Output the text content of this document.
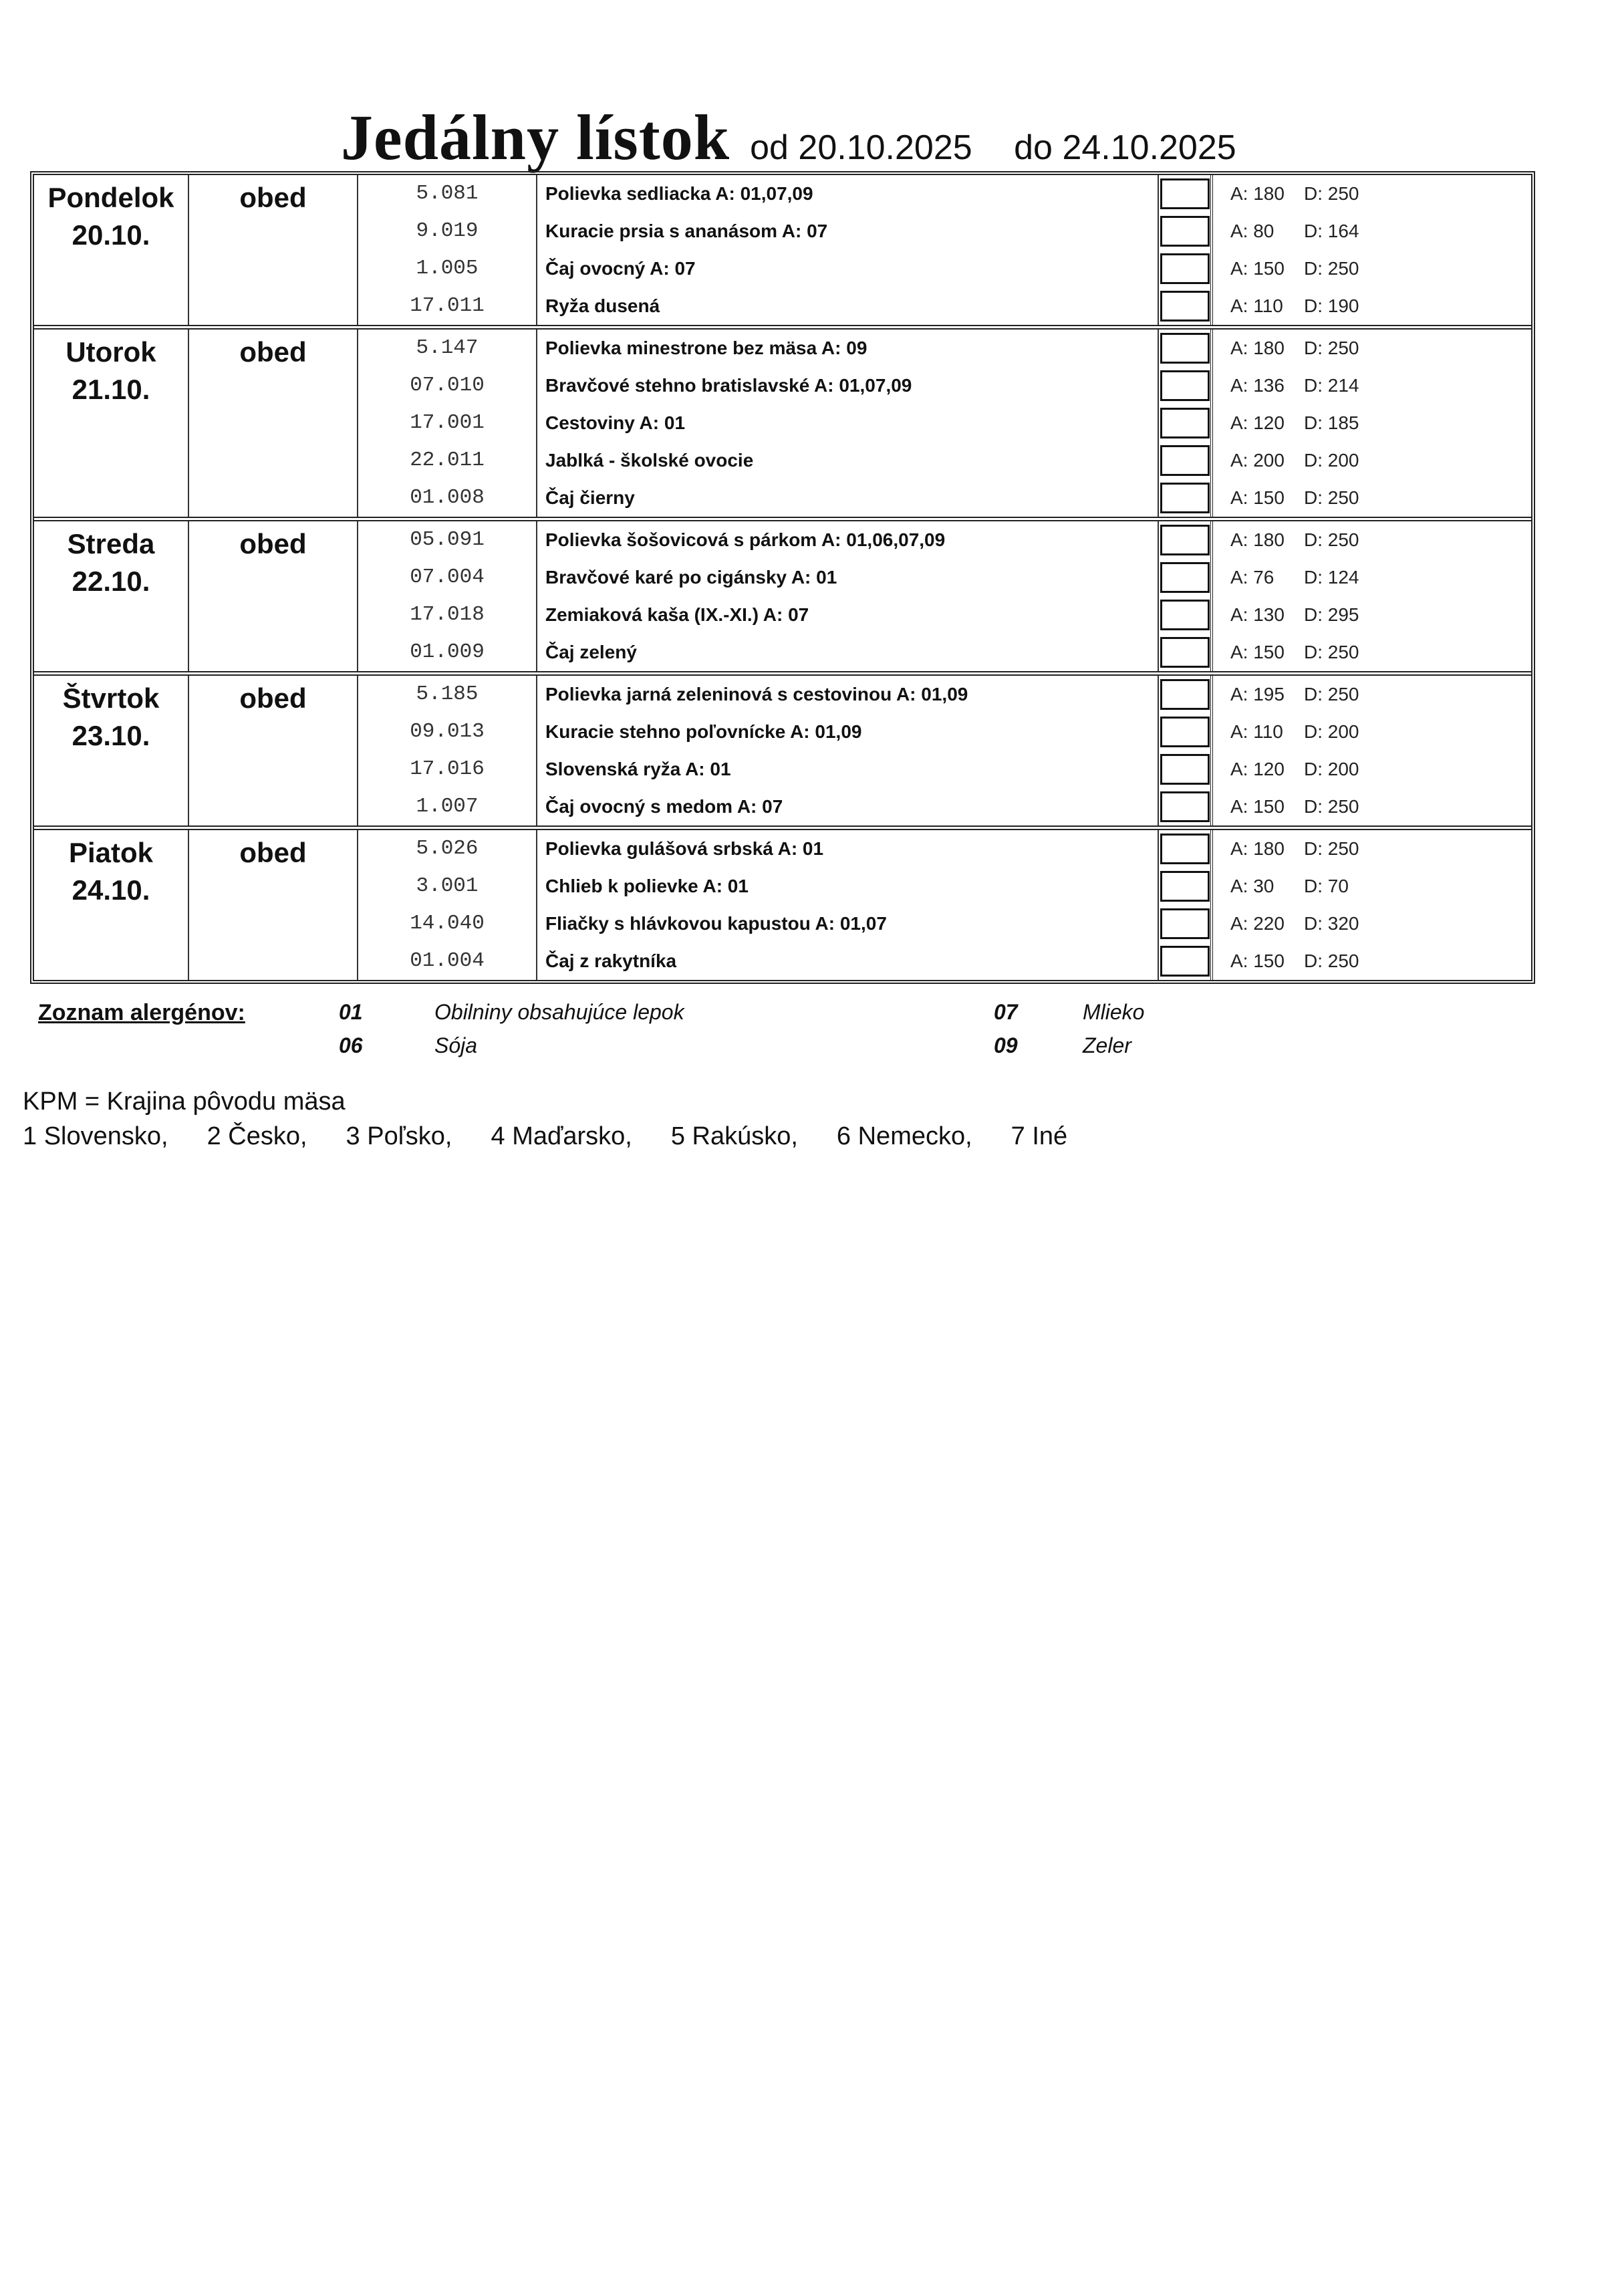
Jedálny lístok od 20.10.2025 do 24.10.2025
Pondelok
20.10.
obed	5.081	Polievka sedliacka A: 01,07,09	A: 180 D: 250
9.019	Kuracie prsia s ananásom A: 07	A: 80 D: 164
1.005	Čaj ovocný A: 07	A: 150 D: 250
17.011	Ryža dusená	A: 110 D: 190
Utorok
21.10.
obed	5.147	Polievka minestrone bez mäsa A: 09	A: 180 D: 250
07.010	Bravčové stehno bratislavské A: 01,07,09	A: 136 D: 214
17.001	Cestoviny A: 01	A: 120 D: 185
22.011	Jablká - školské ovocie	A: 200 D: 200
01.008	Čaj čierny	A: 150 D: 250
Streda
22.10.
obed	05.091	Polievka šošovicová s párkom A: 01,06,07,09	A: 180 D: 250
07.004	Bravčové karé po cigánsky A: 01	A: 76 D: 124
17.018	Zemiaková kaša (IX.-XI.) A: 07	A: 130 D: 295
01.009	Čaj zelený	A: 150 D: 250
Štvrtok
23.10.
obed	5.185	Polievka jarná zeleninová s cestovinou A: 01,09	A: 195 D: 250
09.013	Kuracie stehno poľovnícke A: 01,09	A: 110 D: 200
17.016	Slovenská ryža A: 01	A: 120 D: 200
1.007	Čaj ovocný s medom A: 07	A: 150 D: 250
Piatok
24.10.
obed	5.026	Polievka gulášová srbská A: 01	A: 180 D: 250
3.001	Chlieb k polievke A: 01	A: 30 D: 70
14.040	Fliačky s hlávkovou kapustou A: 01,07	A: 220 D: 320
01.004	Čaj z rakytníka	A: 150 D: 250
Zoznam alergénov:	01	Obilniny obsahujúce lepok	07	Mlieko
06	Sója	09	Zeler
KPM = Krajina pôvodu mäsa
1 Slovensko, 2 Česko, 3 Poľsko, 4 Maďarsko, 5 Rakúsko, 6 Nemecko, 7 Iné
